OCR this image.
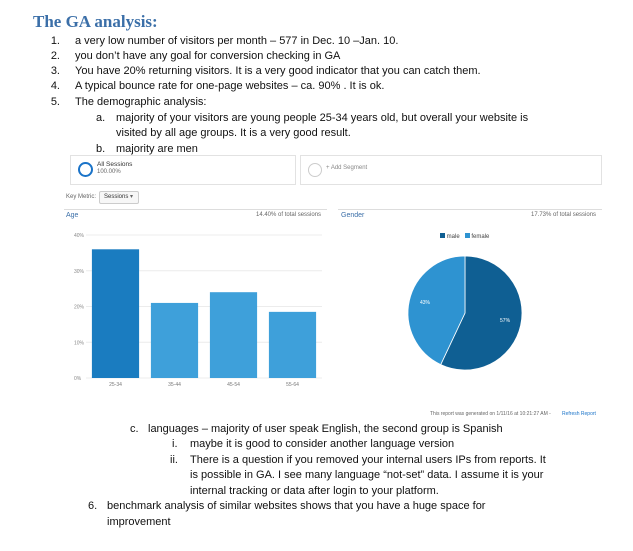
The GA analysis:
1. a very low number of visitors per month – 577 in Dec. 10 –Jan. 10.
2. you don’t have any goal for conversion checking in GA
3. You have 20% returning visitors. It is a very good indicator that you can catch them.
4. A typical bounce rate for one-page websites – ca. 90% . It is ok.
5. The demographic analysis:
a. majority of your visitors are young people 25-34 years old, but overall your website is
visited by all age groups. It is a very good result.
b. majority are men
All Sessions
100.00%
+ Add Segment
Key Metric: Sessions ▾
Age	14.40% of total sessions
40%
30%
20%
10%
0%
25-34	35-44	45-54	55-64
Gender	17.73% of total sessions
male female
57%
43%
This report was generated on 1/11/16 at 10:21:27 AM - Refresh Report
c. languages – majority of user speak English, the second group is Spanish
i. maybe it is good to consider another language version
ii. There is a question if you removed your internal users IPs from reports. It
is possible in GA. I see many language “not-set” data. I assume it is your
internal tracking or data after login to your platform.
6. benchmark analysis of similar websites shows that you have a huge space for
improvement
